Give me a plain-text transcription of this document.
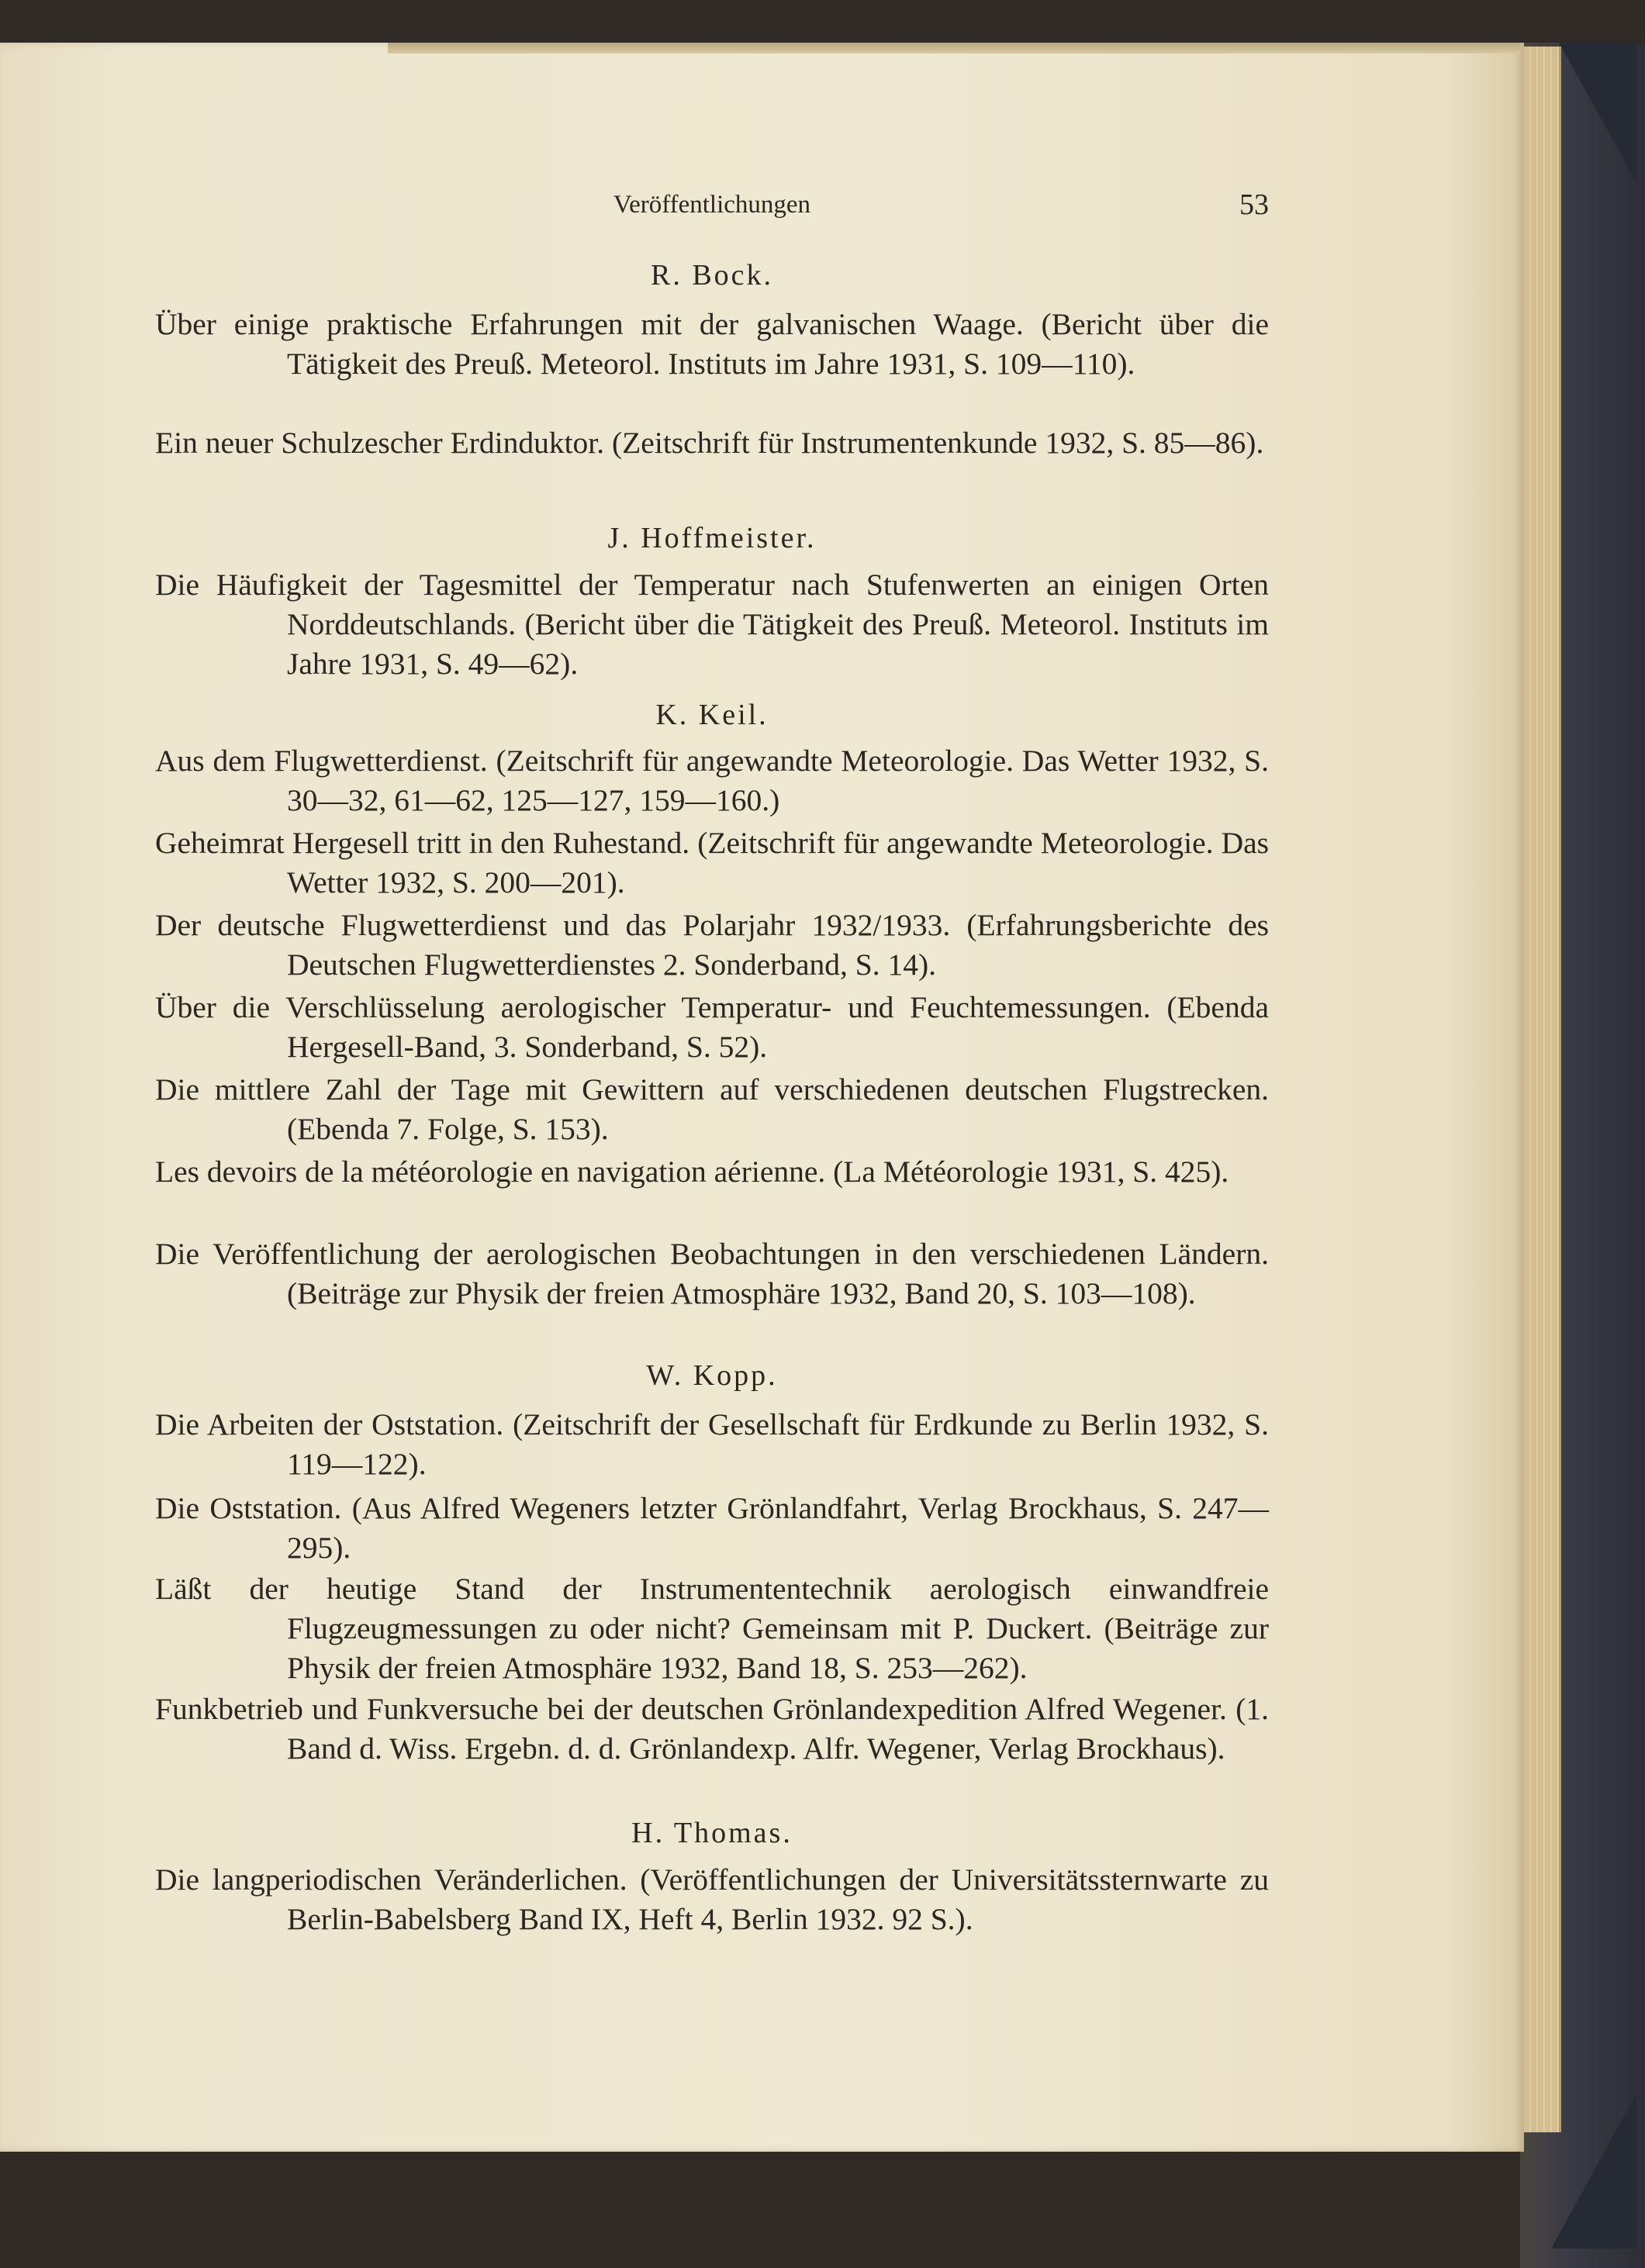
Veröffentlichungen	53
R. Bock.
Über einige praktische Erfahrungen mit der galvanischen Waage. (Bericht über die Tätigkeit des Preuß. Meteorol. Instituts im Jahre 1931, S. 109—110).
Ein neuer Schulzescher Erdinduktor. (Zeitschrift für Instrumentenkunde 1932, S. 85—86).
J. Hoffmeister.
Die Häufigkeit der Tagesmittel der Temperatur nach Stufenwerten an einigen Orten Norddeutschlands. (Bericht über die Tätigkeit des Preuß. Meteorol. Instituts im Jahre 1931, S. 49—62).
K. Keil.
Aus dem Flugwetterdienst. (Zeitschrift für angewandte Meteorologie. Das Wetter 1932, S. 30—32, 61—62, 125—127, 159—160.)
Geheimrat Hergesell tritt in den Ruhestand. (Zeitschrift für angewandte Meteorologie. Das Wetter 1932, S. 200—201).
Der deutsche Flugwetterdienst und das Polarjahr 1932/1933. (Erfahrungsberichte des Deutschen Flugwetterdienstes 2. Sonderband, S. 14).
Über die Verschlüsselung aerologischer Temperatur- und Feuchtemessungen. (Ebenda Hergesell-Band, 3. Sonderband, S. 52).
Die mittlere Zahl der Tage mit Gewittern auf verschiedenen deutschen Flugstrecken. (Ebenda 7. Folge, S. 153).
Les devoirs de la météorologie en navigation aérienne. (La Météorologie 1931, S. 425).
Die Veröffentlichung der aerologischen Beobachtungen in den verschiedenen Ländern. (Beiträge zur Physik der freien Atmosphäre 1932, Band 20, S. 103—108).
W. Kopp.
Die Arbeiten der Oststation. (Zeitschrift der Gesellschaft für Erdkunde zu Berlin 1932, S. 119—122).
Die Oststation. (Aus Alfred Wegeners letzter Grönlandfahrt, Verlag Brockhaus, S. 247—295).
Läßt der heutige Stand der Instrumententechnik aerologisch einwandfreie Flugzeugmessungen zu oder nicht? Gemeinsam mit P. Duckert. (Beiträge zur Physik der freien Atmosphäre 1932, Band 18, S. 253—262).
Funkbetrieb und Funkversuche bei der deutschen Grönlandexpedition Alfred Wegener. (1. Band d. Wiss. Ergebn. d. d. Grönlandexp. Alfr. Wegener, Verlag Brockhaus).
H. Thomas.
Die langperiodischen Veränderlichen. (Veröffentlichungen der Universitätssternwarte zu Berlin-Babelsberg Band IX, Heft 4, Berlin 1932. 92 S.).
